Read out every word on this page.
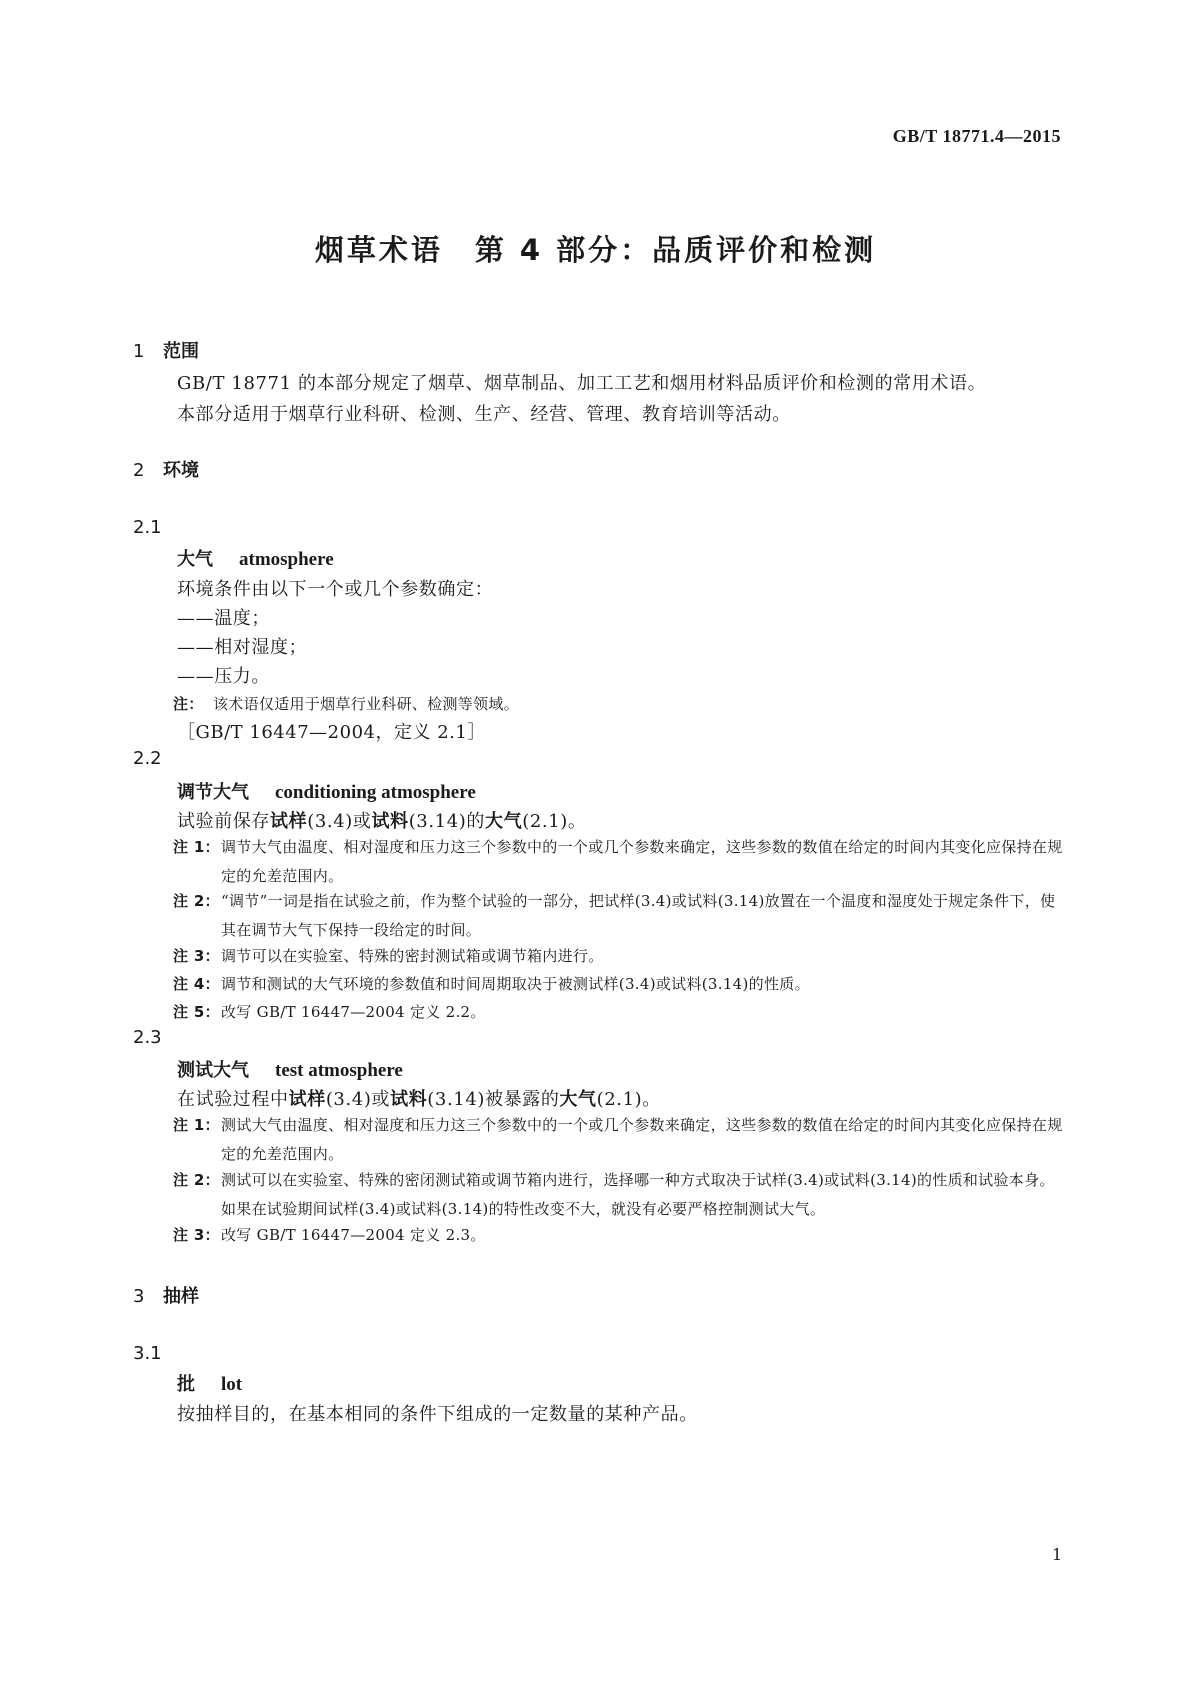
GB/T 18771.4—2015
烟草术语　第 4 部分：品质评价和检测
1 范围

GB/T 18771 的本部分规定了烟草、烟草制品、加工工艺和烟用材料品质评价和检测的常用术语。

本部分适用于烟草行业科研、检测、生产、经营、管理、教育培训等活动。

2 环境
2.1
大气 atmosphere
环境条件由以下一个或几个参数确定：
——温度；
——相对湿度；
——压力。
注： 该术语仅适用于烟草行业科研、检测等领域。
［GB/T 16447—2004，定义 2.1］
2.2
调节大气 conditioning atmosphere
试验前保存试样(3.4)或试料(3.14)的大气(2.1)。
注 1： 调节大气由温度、相对湿度和压力这三个参数中的一个或几个参数来确定，这些参数的数值在给定的时间内其变化应保持在规定的允差范围内。
注 2： “调节”一词是指在试验之前，作为整个试验的一部分，把试样(3.4)或试料(3.14)放置在一个温度和湿度处于规定条件下，使其在调节大气下保持一段给定的时间。
注 3： 调节可以在实验室、特殊的密封测试箱或调节箱内进行。
注 4： 调节和测试的大气环境的参数值和时间周期取决于被测试样(3.4)或试料(3.14)的性质。
注 5： 改写 GB/T 16447—2004 定义 2.2。
2.3
测试大气 test atmosphere
在试验过程中试样(3.4)或试料(3.14)被暴露的大气(2.1)。
注 1： 测试大气由温度、相对湿度和压力这三个参数中的一个或几个参数来确定，这些参数的数值在给定的时间内其变化应保持在规定的允差范围内。
注 2： 测试可以在实验室、特殊的密闭测试箱或调节箱内进行，选择哪一种方式取决于试样(3.4)或试料(3.14)的性质和试验本身。如果在试验期间试样(3.4)或试料(3.14)的特性改变不大，就没有必要严格控制测试大气。
注 3： 改写 GB/T 16447—2004 定义 2.3。
3 抽样
3.1
批 lot
按抽样目的，在基本相同的条件下组成的一定数量的某种产品。
1
